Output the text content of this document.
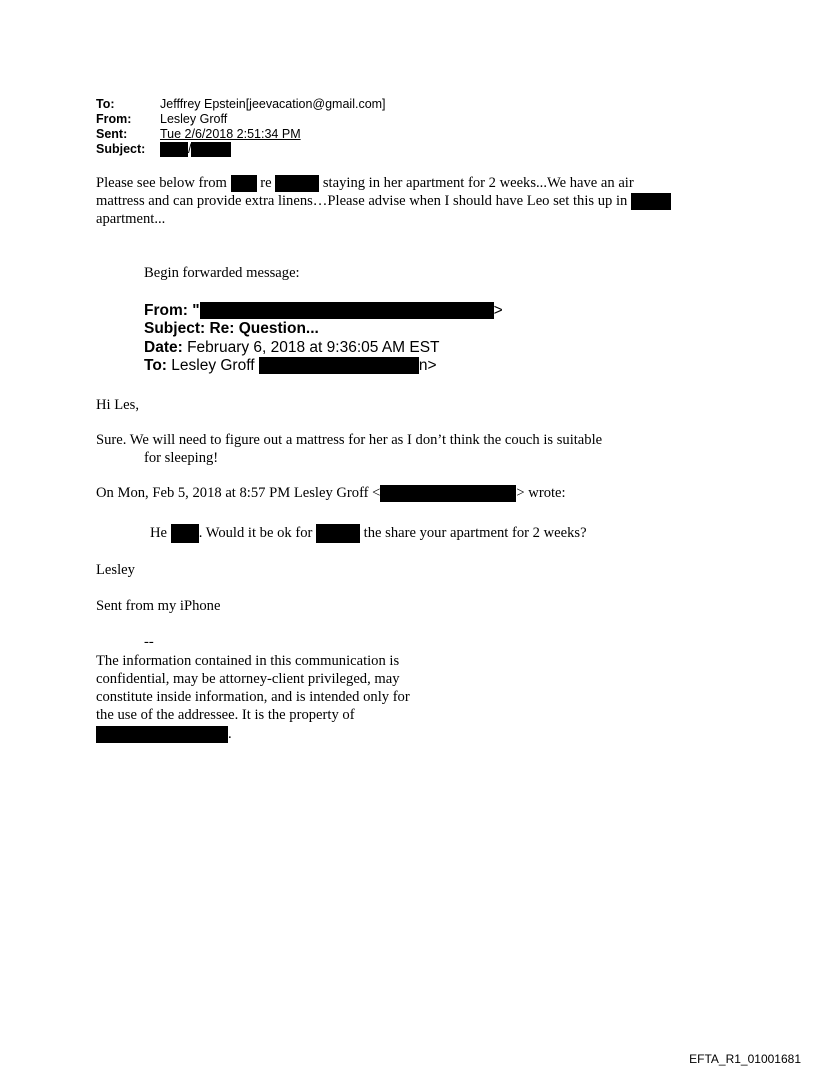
To:	Jefffrey Epstein[jeevacation@gmail.com]
From:	Lesley Groff
Sent:	Tue 2/6/2018 2:51:34 PM
Subject:	/
Please see below from re	staying in her apartment for 2 weeks...We have an air
mattress and can provide extra linens…Please advise when I should have Leo set this up in
apartment...
Begin forwarded message:
From: "	>
Subject: Re: Question...
Date: February 6, 2018 at 9:36:05 AM EST
To: Lesley Groff	n>
Hi Les,
Sure. We will need to figure out a mattress for her as I don’t think the couch is suitable
for sleeping!
On Mon, Feb 5, 2018 at 8:57 PM Lesley Groff <	> wrote:
He . Would it be ok for	the share your apartment for 2 weeks?
Lesley
Sent from my iPhone
--
The information contained in this communication is
confidential, may be attorney-client privileged, may
constitute inside information, and is intended only for
the use of the addressee. It is the property of
.
EFTA_R1_01001681
